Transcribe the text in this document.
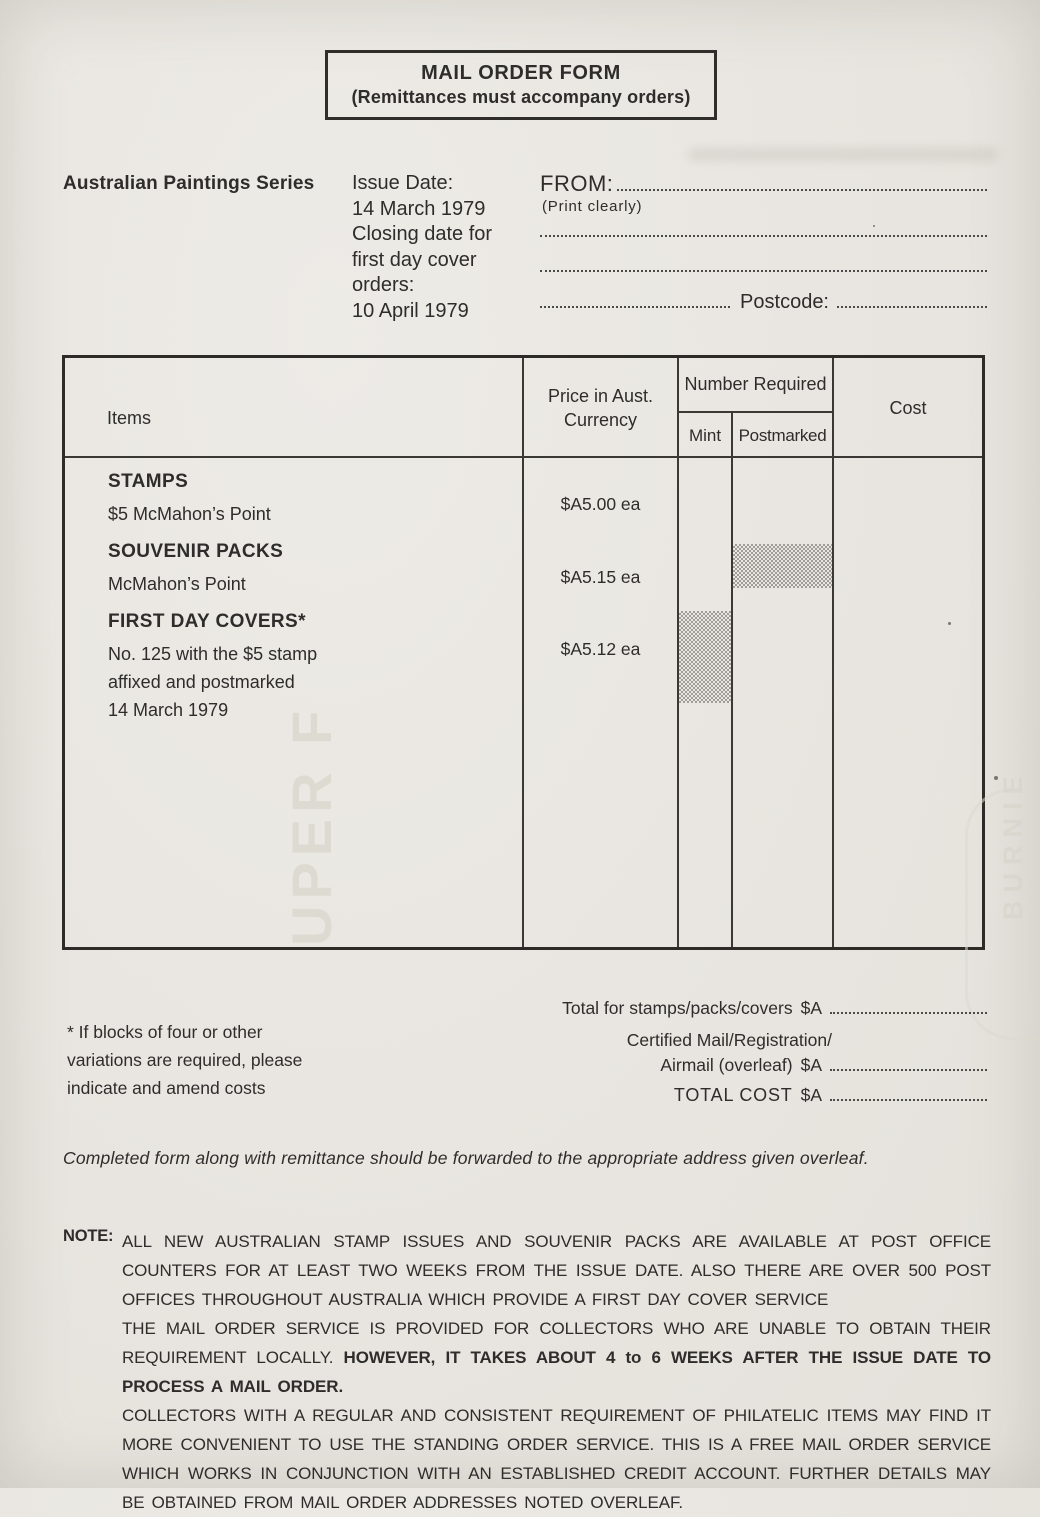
MAIL ORDER FORM
(Remittances must accompany orders)
Australian Paintings Series Issue Date:
14 March 1979
Closing date for
first day cover
orders:
10 April 1979
FROM:
(Print clearly)
Postcode:
Items
Price in Aust.
Currency
Number Required
Mint	Postmarked
Cost
STAMPS
$5 McMahon’s Point
SOUVENIR PACKS
McMahon’s Point
FIRST DAY COVERS*
No. 125 with the $5 stamp
affixed and postmarked
14 March 1979 UPER F
$A5.00 ea
$A5.15 ea
$A5.12 ea
* If blocks of four or other
variations are required, please
indicate and amend costs
Total for stamps/packs/covers $A
Certified Mail/Registration/
Airmail (overleaf) $A
TOTAL COST $A
Completed form along with remittance should be forwarded to the appropriate address given overleaf.
NOTE: ALL NEW AUSTRALIAN STAMP ISSUES AND SOUVENIR PACKS ARE AVAILABLE AT POST OFFICE COUNTERS FOR AT LEAST TWO WEEKS FROM THE ISSUE DATE. ALSO THERE ARE OVER 500 POST OFFICES THROUGHOUT AUSTRALIA WHICH PROVIDE A FIRST DAY COVER SERVICE

THE MAIL ORDER SERVICE IS PROVIDED FOR COLLECTORS WHO ARE UNABLE TO OBTAIN THEIR REQUIREMENT LOCALLY. HOWEVER, IT TAKES ABOUT 4 to 6 WEEKS AFTER THE ISSUE DATE TO PROCESS A MAIL ORDER.

COLLECTORS WITH A REGULAR AND CONSISTENT REQUIREMENT OF PHILATELIC ITEMS MAY FIND IT MORE CONVENIENT TO USE THE STANDING ORDER SERVICE. THIS IS A FREE MAIL ORDER SERVICE WHICH WORKS IN CONJUNCTION WITH AN ESTABLISHED CREDIT ACCOUNT. FURTHER DETAILS MAY BE OBTAINED FROM MAIL ORDER ADDRESSES NOTED OVERLEAF.

BURNIE
